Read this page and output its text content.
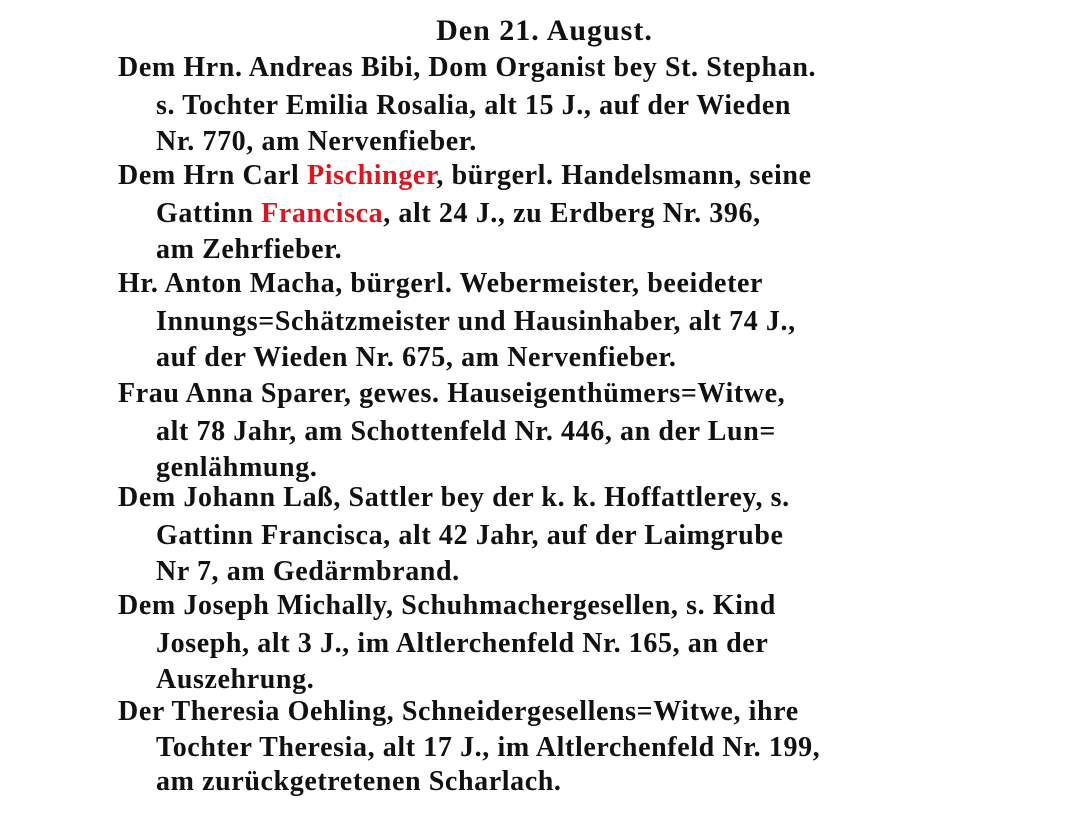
Den 21. August.
Dem Hrn. Andreas Bibi, Dom Organist bey St. Stephan.
s. Tochter Emilia Rosalia, alt 15 J., auf der Wieden
Nr. 770, am Nervenfieber.
Dem Hrn Carl Pischinger, bürgerl. Handelsmann, seine
Gattinn Francisca, alt 24 J., zu Erdberg Nr. 396,
am Zehrfieber.
Hr. Anton Macha, bürgerl. Webermeister, beeideter
Innungs=Schätzmeister und Hausinhaber, alt 74 J.,
auf der Wieden Nr. 675, am Nervenfieber.
Frau Anna Sparer, gewes. Hauseigenthümers=Witwe,
alt 78 Jahr, am Schottenfeld Nr. 446, an der Lun=
genlähmung.
Dem Johann Laß, Sattler bey der k. k. Hoffattlerey, s.
Gattinn Francisca, alt 42 Jahr, auf der Laimgrube
Nr 7, am Gedärmbrand.
Dem Joseph Michally, Schuhmachergesellen, s. Kind
Joseph, alt 3 J., im Altlerchenfeld Nr. 165, an der
Auszehrung.
Der Theresia Oehling, Schneidergesellens=Witwe, ihre
Tochter Theresia, alt 17 J., im Altlerchenfeld Nr. 199,
am zurückgetretenen Scharlach.
